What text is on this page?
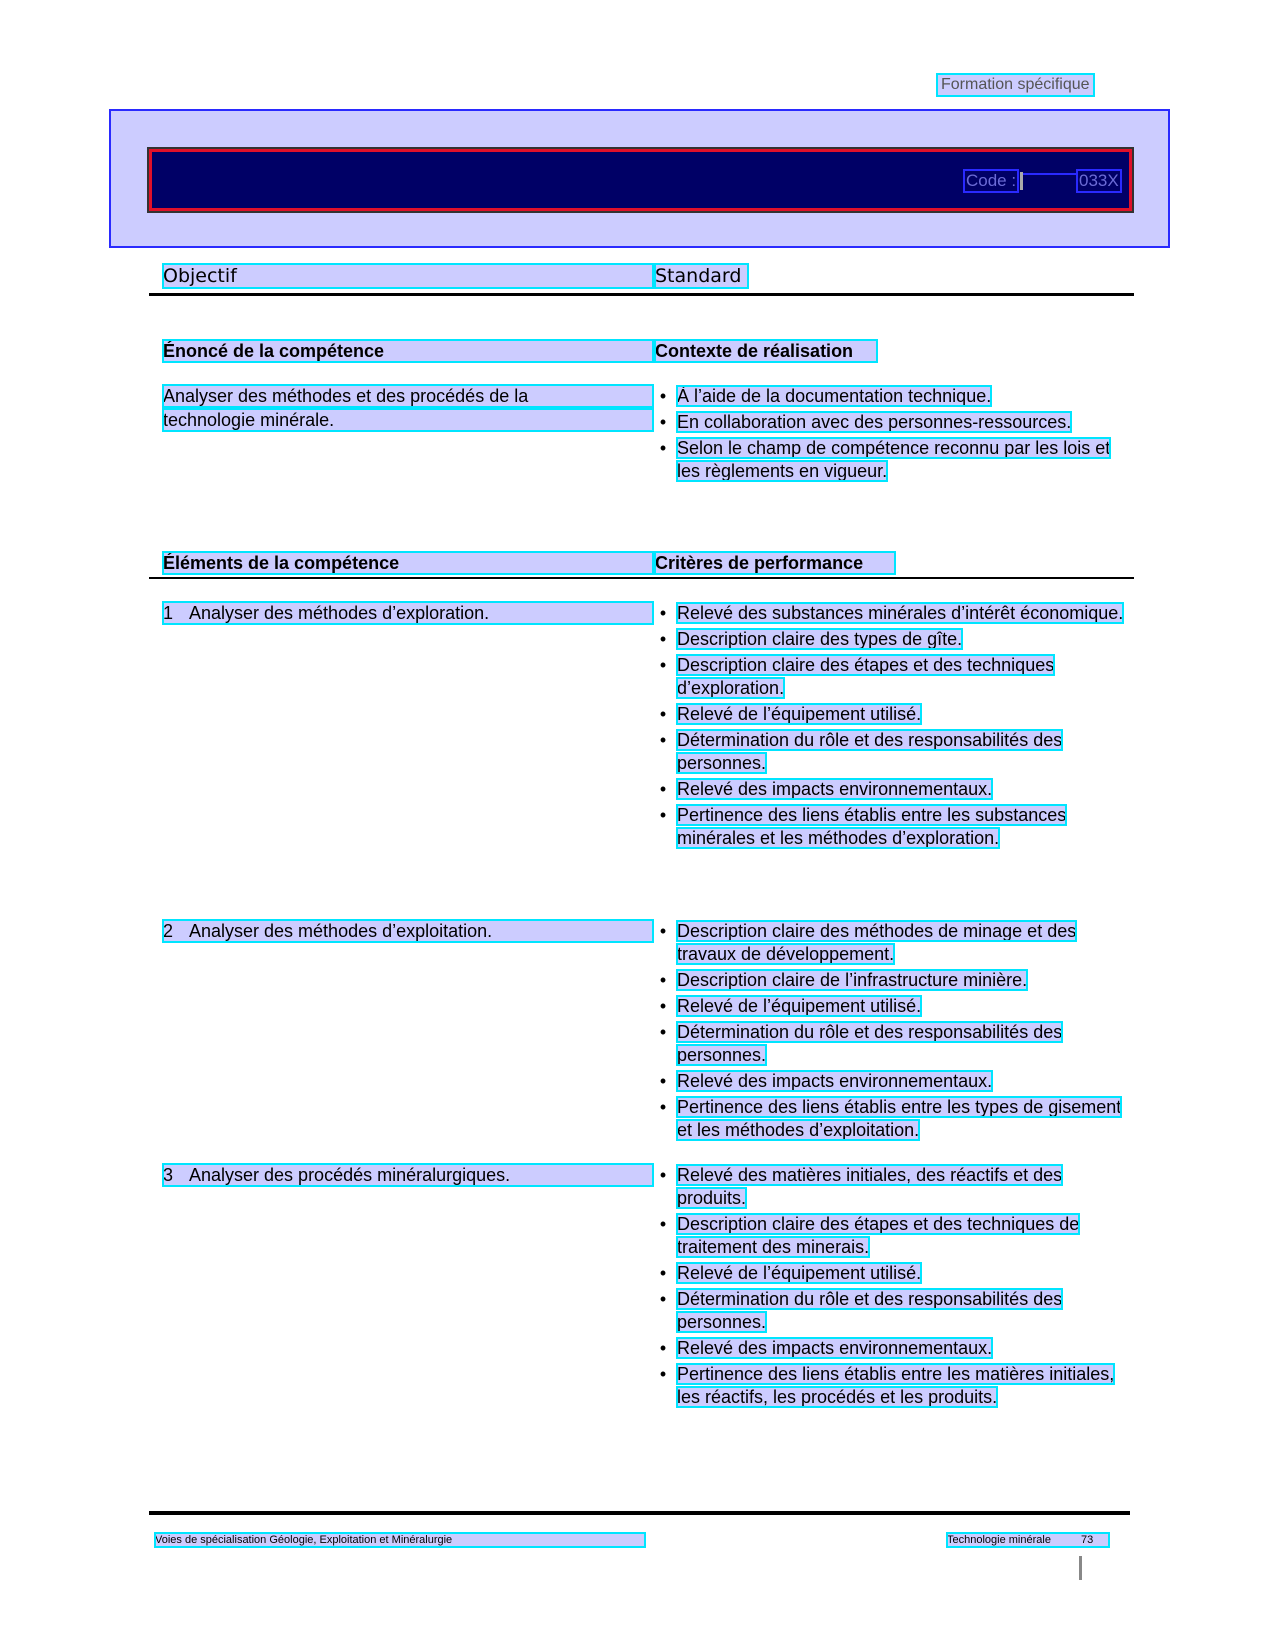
Formation spécifique
Code :	033X
Objectif	Standard
Énoncé de la compétence	Contexte de réalisation
Analyser des méthodes et des procédés de la
technologie minérale.
• À l’aide de la documentation technique.
• En collaboration avec des personnes-ressources.
• Selon le champ de compétence reconnu par les lois et les règlements en vigueur.
Éléments de la compétence	Critères de performance
1 Analyser des méthodes d’exploration.	• Relevé des substances minérales d’intérêt économique.
• Description claire des types de gîte.
• Description claire des étapes et des techniques d’exploration.
• Relevé de l’équipement utilisé.
• Détermination du rôle et des responsabilités des personnes.
• Relevé des impacts environnementaux.
• Pertinence des liens établis entre les substances minérales et les méthodes d’exploration.
2 Analyser des méthodes d’exploitation.	• Description claire des méthodes de minage et des travaux de développement.
• Description claire de l’infrastructure minière.
• Relevé de l’équipement utilisé.
• Détermination du rôle et des responsabilités des personnes.
• Relevé des impacts environnementaux.
• Pertinence des liens établis entre les types de gisement et les méthodes d’exploitation.
3 Analyser des procédés minéralurgiques.	• Relevé des matières initiales, des réactifs et des produits.
• Description claire des étapes et des techniques de traitement des minerais.
• Relevé de l’équipement utilisé.
• Détermination du rôle et des responsabilités des personnes.
• Relevé des impacts environnementaux.
• Pertinence des liens établis entre les matières initiales, les réactifs, les procédés et les produits.
Voies de spécialisation Géologie, Exploitation et Minéralurgie	Technologie minérale	73
